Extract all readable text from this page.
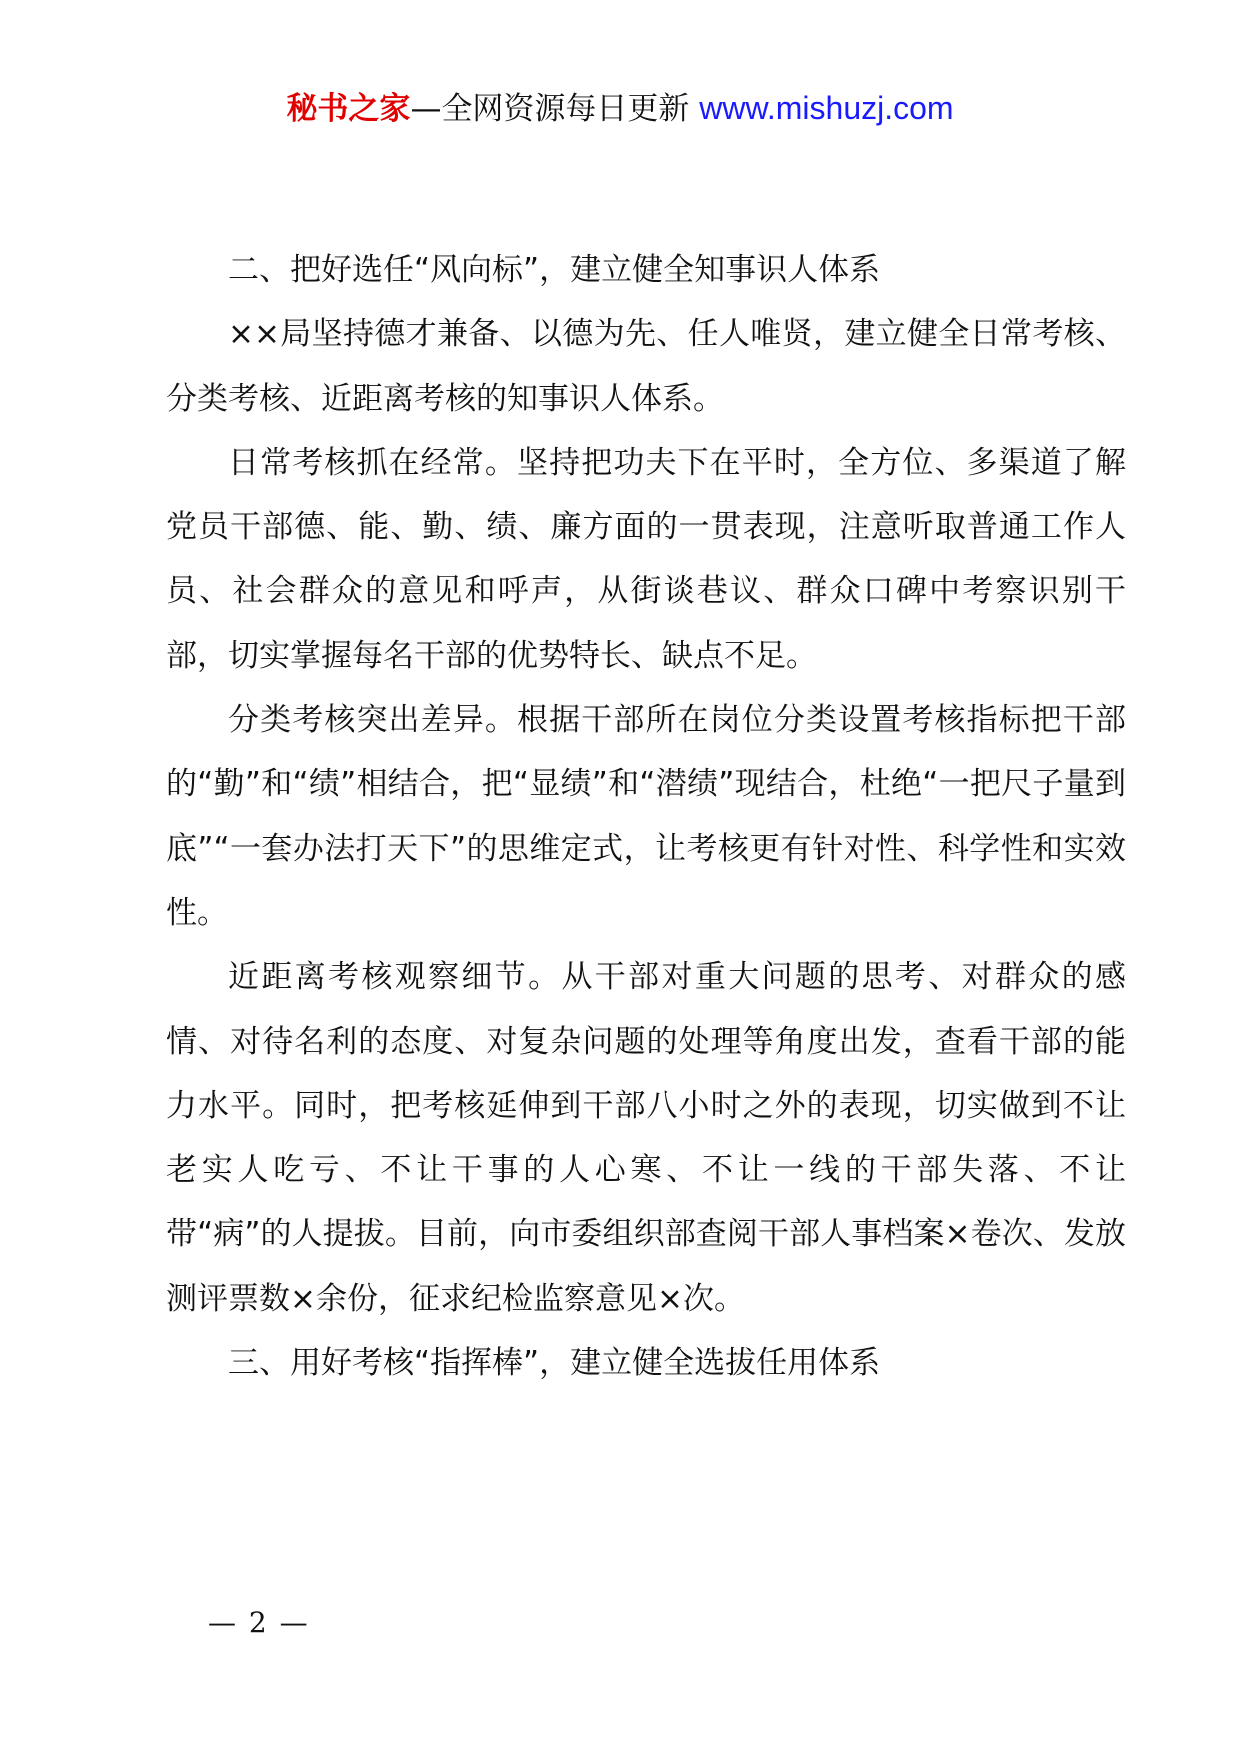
秘书之家—全网资源每日更新 www.mishuzj.com

二、把好选任“风向标”，建立健全知事识人体系

××局坚持德才兼备、以德为先、任人唯贤，建立健全日常考核、分类考核、近距离考核的知事识人体系。

日常考核抓在经常。坚持把功夫下在平时，全方位、多渠道了解党员干部德、能、勤、绩、廉方面的一贯表现，注意听取普通工作人员、社会群众的意见和呼声，从街谈巷议、群众口碑中考察识别干部，切实掌握每名干部的优势特长、缺点不足。

分类考核突出差异。根据干部所在岗位分类设置考核指标把干部的“勤”和“绩”相结合，把“显绩”和“潜绩”现结合，杜绝“一把尺子量到底”“一套办法打天下”的思维定式，让考核更有针对性、科学性和实效性。

近距离考核观察细节。从干部对重大问题的思考、对群众的感情、对待名利的态度、对复杂问题的处理等角度出发，查看干部的能力水平。同时，把考核延伸到干部八小时之外的表现，切实做到不让老实人吃亏、不让干事的人心寒、不让一线的干部失落、不让带“病”的人提拔。目前，向市委组织部查阅干部人事档案×卷次、发放测评票数×余份，征求纪检监察意见×次。

三、用好考核“指挥棒”，建立健全选拔任用体系

— 2 —
